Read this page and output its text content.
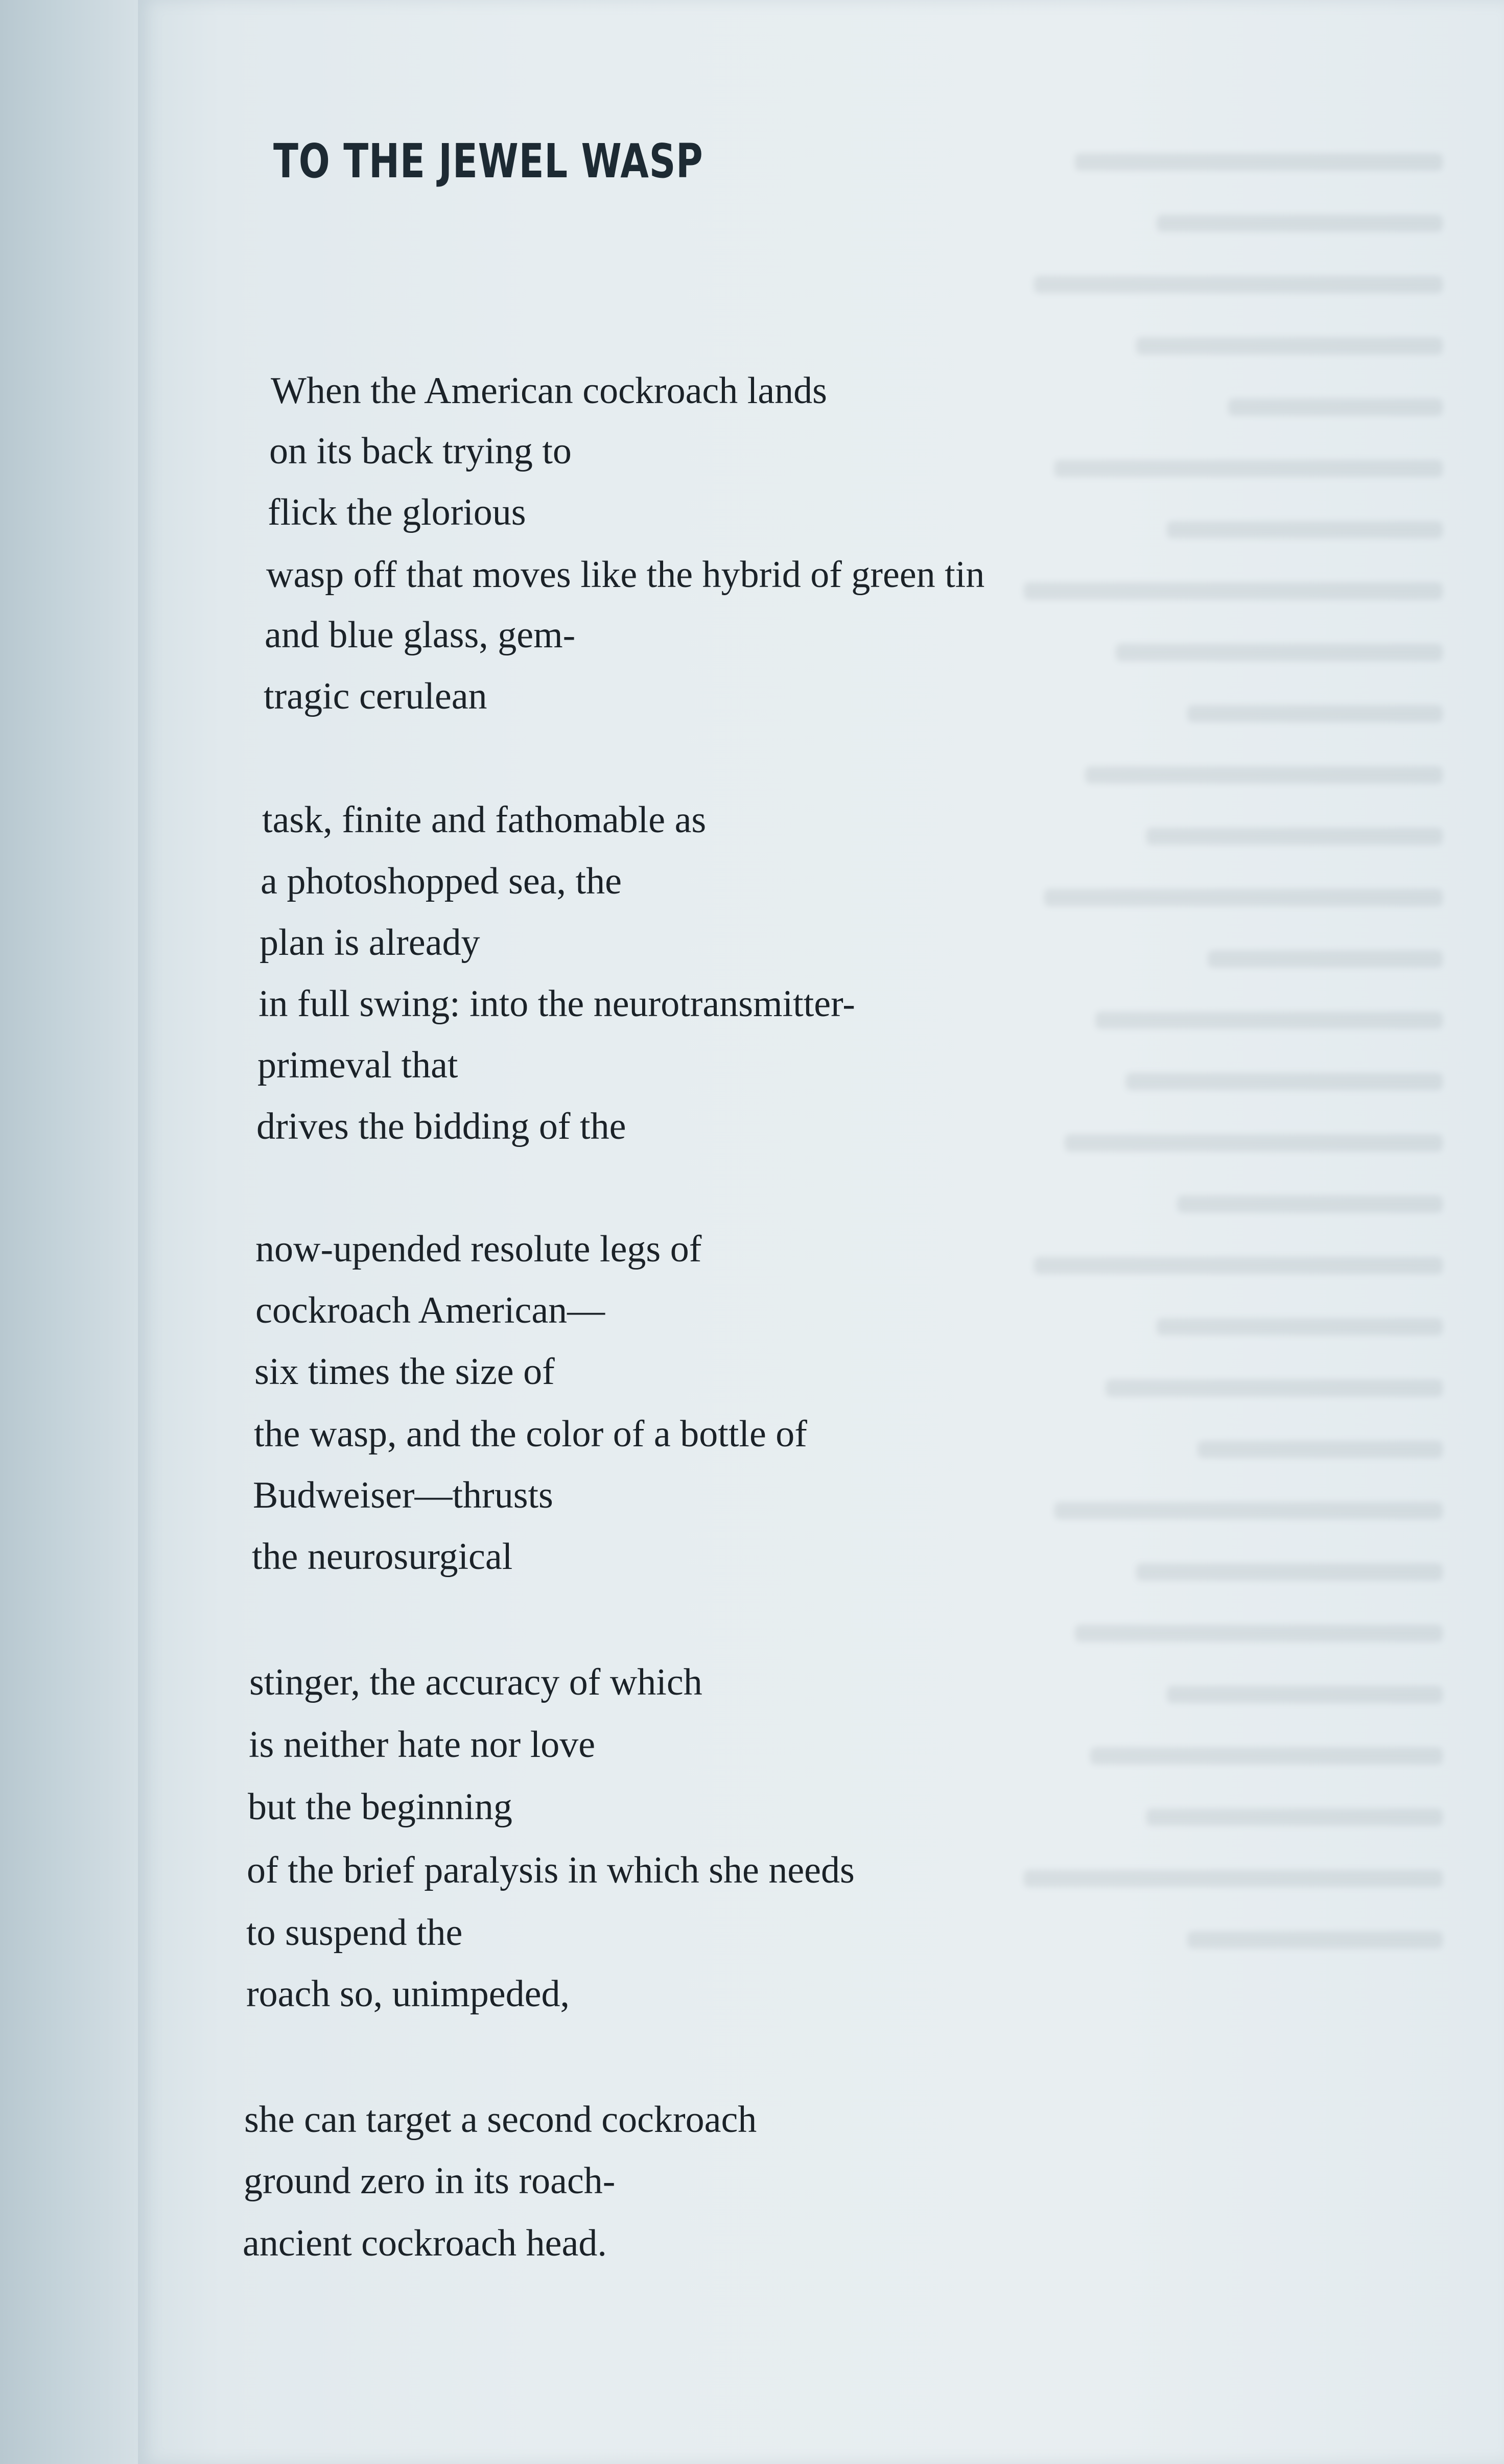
TO THE JEWEL WASP
When the American cockroach lands
on its back trying to
flick the glorious
wasp off that moves like the hybrid of green tin
and blue glass, gem-
tragic cerulean
task, finite and fathomable as
a photoshopped sea, the
plan is already
in full swing: into the neurotransmitter-
primeval that
drives the bidding of the
now-upended resolute legs of
cockroach American—
six times the size of
the wasp, and the color of a bottle of
Budweiser—thrusts
the neurosurgical
stinger, the accuracy of which
is neither hate nor love
but the beginning
of the brief paralysis in which she needs
to suspend the
roach so, unimpeded,
she can target a second cockroach
ground zero in its roach-
ancient cockroach head.
